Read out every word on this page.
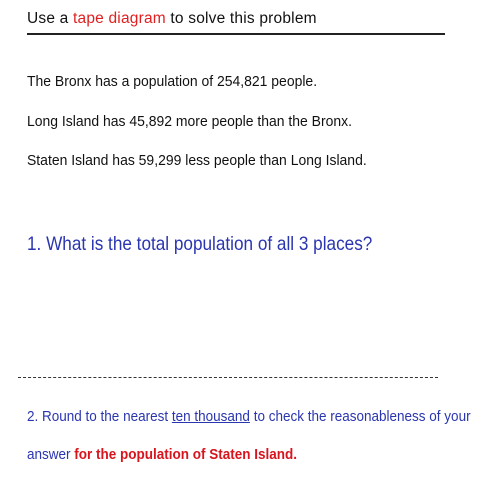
Use a tape diagram to solve this problem
The Bronx has a population of 254,821 people.
Long Island has 45,892 more people than the Bronx.
Staten Island has 59,299 less people than Long Island.
1. What is the total population of all 3 places?
2. Round to the nearest ten thousand to check the reasonableness of your
answer for the population of Staten Island.
